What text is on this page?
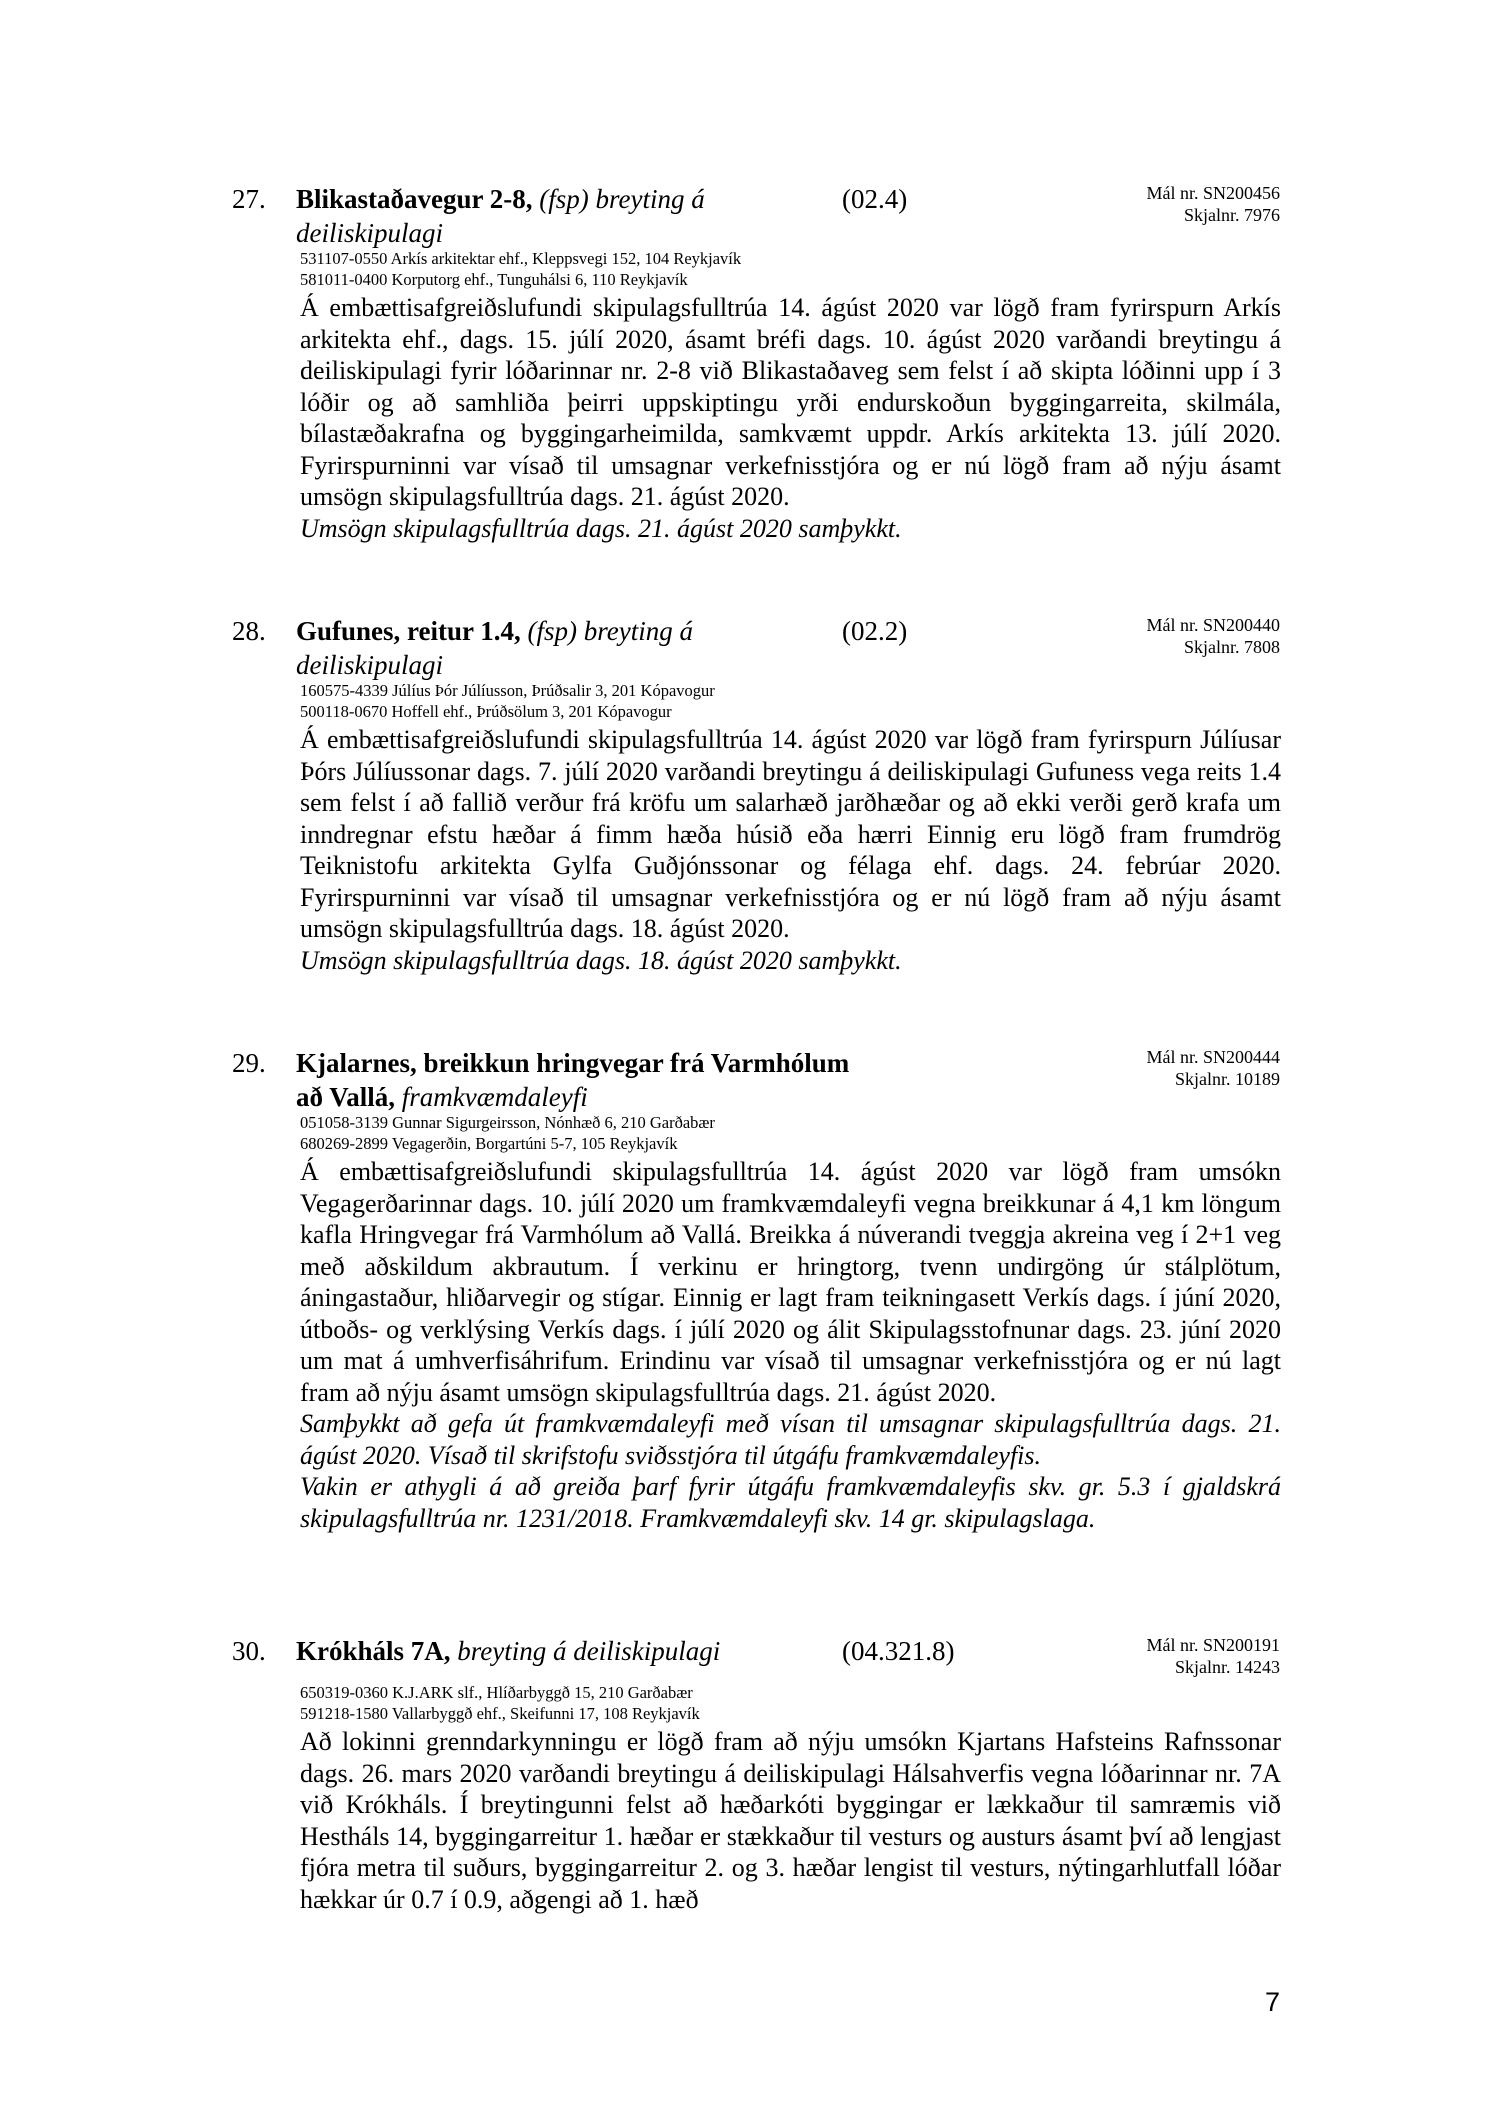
27. Blikastaðavegur 2-8, (fsp) breyting á deiliskipulagi
(02.4)	Mál nr. SN200456
Skjalnr. 7976
531107-0550 Arkís arkitektar ehf., Kleppsvegi 152, 104 Reykjavík
581011-0400 Korputorg ehf., Tunguhálsi 6, 110 Reykjavík

Á embættisafgreiðslufundi skipulagsfulltrúa 14. ágúst 2020 var lögð fram fyrirspurn Arkís arkitekta ehf., dags. 15. júlí 2020, ásamt bréfi dags. 10. ágúst 2020 varðandi breytingu á deiliskipulagi fyrir lóðarinnar nr. 2-8 við Blikastaðaveg sem felst í að skipta lóðinni upp í 3 lóðir og að samhliða þeirri uppskiptingu yrði endurskoðun byggingarreita, skilmála, bílastæðakrafna og byggingarheimilda, samkvæmt uppdr. Arkís arkitekta 13. júlí 2020. Fyrirspurninni var vísað til umsagnar verkefnisstjóra og er nú lögð fram að nýju ásamt umsögn skipulagsfulltrúa dags. 21. ágúst 2020.

Umsögn skipulagsfulltrúa dags. 21. ágúst 2020 samþykkt.

28. Gufunes, reitur 1.4, (fsp) breyting á deiliskipulagi
(02.2)	Mál nr. SN200440
Skjalnr. 7808
160575-4339 Júlíus Þór Júlíusson, Þrúðsalir 3, 201 Kópavogur
500118-0670 Hoffell ehf., Þrúðsölum 3, 201 Kópavogur

Á embættisafgreiðslufundi skipulagsfulltrúa 14. ágúst 2020 var lögð fram fyrirspurn Júlíusar Þórs Júlíussonar dags. 7. júlí 2020 varðandi breytingu á deiliskipulagi Gufuness vega reits 1.4 sem felst í að fallið verður frá kröfu um salarhæð jarðhæðar og að ekki verði gerð krafa um inndregnar efstu hæðar á fimm hæða húsið eða hærri Einnig eru lögð fram frumdrög Teiknistofu arkitekta Gylfa Guðjónssonar og félaga ehf. dags. 24. febrúar 2020. Fyrirspurninni var vísað til umsagnar verkefnisstjóra og er nú lögð fram að nýju ásamt umsögn skipulagsfulltrúa dags. 18. ágúst 2020.

Umsögn skipulagsfulltrúa dags. 18. ágúst 2020 samþykkt.

29. Kjalarnes, breikkun hringvegar frá Varmhólum að Vallá, framkvæmdaleyfi
Mál nr. SN200444
Skjalnr. 10189
051058-3139 Gunnar Sigurgeirsson, Nónhæð 6, 210 Garðabær
680269-2899 Vegagerðin, Borgartúni 5-7, 105 Reykjavík

Á embættisafgreiðslufundi skipulagsfulltrúa 14. ágúst 2020 var lögð fram umsókn Vegagerðarinnar dags. 10. júlí 2020 um framkvæmdaleyfi vegna breikkunar á 4,1 km löngum kafla Hringvegar frá Varmhólum að Vallá. Breikka á núverandi tveggja akreina veg í 2+1 veg með aðskildum akbrautum. Í verkinu er hringtorg, tvenn undirgöng úr stálplötum, áningastaður, hliðarvegir og stígar. Einnig er lagt fram teikningasett Verkís dags. í júní 2020, útboðs- og verklýsing Verkís dags. í júlí 2020 og álit Skipulagsstofnunar dags. 23. júní 2020 um mat á umhverfisáhrifum. Erindinu var vísað til umsagnar verkefnisstjóra og er nú lagt fram að nýju ásamt umsögn skipulagsfulltrúa dags. 21. ágúst 2020.

Samþykkt að gefa út framkvæmdaleyfi með vísan til umsagnar skipulagsfulltrúa dags. 21. ágúst 2020. Vísað til skrifstofu sviðsstjóra til útgáfu framkvæmdaleyfis.

Vakin er athygli á að greiða þarf fyrir útgáfu framkvæmdaleyfis skv. gr. 5.3 í gjaldskrá skipulagsfulltrúa nr. 1231/2018. Framkvæmdaleyfi skv. 14 gr. skipulagslaga.

30. Krókháls 7A, breyting á deiliskipulagi	(04.321.8)	Mál nr. SN200191
Skjalnr. 14243
650319-0360 K.J.ARK slf., Hlíðarbyggð 15, 210 Garðabær
591218-1580 Vallarbyggð ehf., Skeifunni 17, 108 Reykjavík

Að lokinni grenndarkynningu er lögð fram að nýju umsókn Kjartans Hafsteins Rafnssonar dags. 26. mars 2020 varðandi breytingu á deiliskipulagi Hálsahverfis vegna lóðarinnar nr. 7A við Krókháls. Í breytingunni felst að hæðarkóti byggingar er lækkaður til samræmis við Hestháls 14, byggingarreitur 1. hæðar er stækkaður til vesturs og austurs ásamt því að lengjast fjóra metra til suðurs, byggingarreitur 2. og 3. hæðar lengist til vesturs, nýtingarhlutfall lóðar hækkar úr 0.7 í 0.9, aðgengi að 1. hæð

7
